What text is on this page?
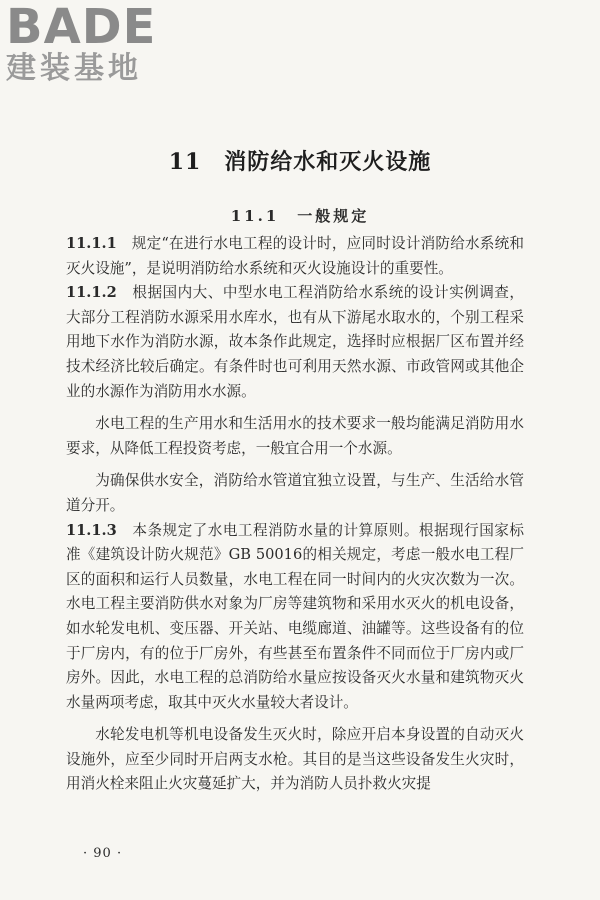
BADE
建装基地
11　消防给水和灭火设施
11.1　一般规定

11.1.1　 规定“在进行水电工程的设计时，应同时设计消防给水系统和灭火设施”，是说明消防给水系统和灭火设施设计的重要性。

11.1.2　 根据国内大、中型水电工程消防给水系统的设计实例调查，大部分工程消防水源采用水库水，也有从下游尾水取水的，个别工程采用地下水作为消防水源，故本条作此规定，选择时应根据厂区布置并经技术经济比较后确定。有条件时也可利用天然水源、市政管网或其他企业的水源作为消防用水水源。

水电工程的生产用水和生活用水的技术要求一般均能满足消防用水要求，从降低工程投资考虑，一般宜合用一个水源。

为确保供水安全，消防给水管道宜独立设置，与生产、生活给水管道分开。

11.1.3　 本条规定了水电工程消防水量的计算原则。根据现行国家标准《建筑设计防火规范》GB 50016的相关规定，考虑一般水电工程厂区的面积和运行人员数量，水电工程在同一时间内的火灾次数为一次。水电工程主要消防供水对象为厂房等建筑物和采用水灭火的机电设备，如水轮发电机、变压器、开关站、电缆廊道、油罐等。这些设备有的位于厂房内，有的位于厂房外，有些甚至布置条件不同而位于厂房内或厂房外。因此，水电工程的总消防给水量应按设备灭火水量和建筑物灭火水量两项考虑，取其中灭火水量较大者设计。

水轮发电机等机电设备发生灭火时，除应开启本身设置的自动灭火设施外，应至少同时开启两支水枪。其目的是当这些设备发生火灾时，用消火栓来阻止火灾蔓延扩大，并为消防人员扑救火灾提

· 90 ·
